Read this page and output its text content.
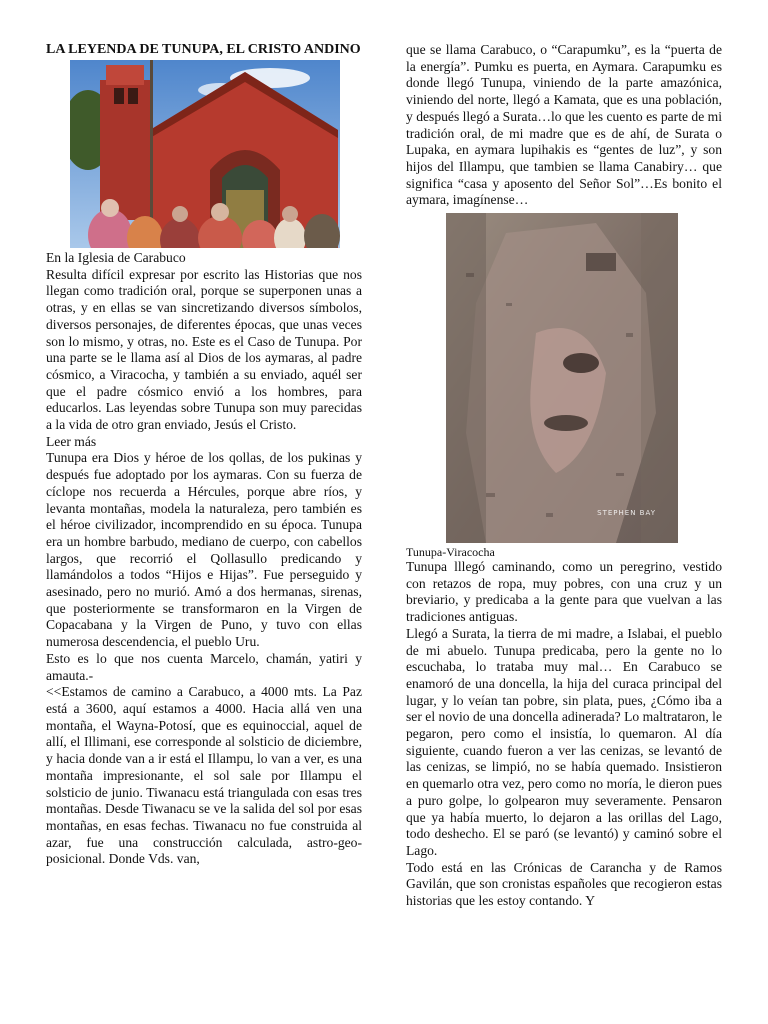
LA LEYENDA DE TUNUPA, EL CRISTO ANDINO

En la Iglesia de Carabuco

Resulta difícil expresar por escrito las Historias que nos llegan como tradición oral, porque se superponen unas a otras, y en ellas se van sincretizando diversos símbolos, diversos personajes, de diferentes épocas, que unas veces son lo mismo, y otras, no. Este es el Caso de Tunupa. Por una parte se le llama así al Dios de los aymaras, al padre cósmico, a Viracocha, y también a su enviado, aquél ser que el padre cósmico envió a los hombres, para educarlos. Las leyendas sobre Tunupa son muy parecidas a la vida de otro gran enviado, Jesús el Cristo.

Leer más

Tunupa era Dios y héroe de los qollas, de los pukinas y después fue adoptado por los aymaras. Con su fuerza de cíclope nos recuerda a Hércules, porque abre ríos, y levanta montañas, modela la naturaleza, pero también es el héroe civilizador, incomprendido en su época. Tunupa era un hombre barbudo, mediano de cuerpo, con cabellos largos, que recorrió el Qollasullo predicando y llamándolos a todos “Hijos e Hijas”. Fue perseguido y asesinado, pero no murió. Amó a dos hermanas, sirenas, que posteriormente se transformaron en la Virgen de Copacabana y la Virgen de Puno, y tuvo con ellas numerosa descendencia, el pueblo Uru.

Esto es lo que nos cuenta Marcelo, chamán, yatiri y amauta.-

<<Estamos de camino a Carabuco, a 4000 mts. La Paz está a 3600, aquí estamos a 4000. Hacia allá ven una montaña, el Wayna-Potosí, que es equinoccial, aquel de allí, el Illimani, ese corresponde al solsticio de diciembre, y hacia donde van a ir está el Illampu, lo van a ver, es una montaña impresionante, el sol sale por Illampu el solsticio de junio. Tiwanacu está triangulada con esas tres montañas. Desde Tiwanacu se ve la salida del sol por esas montañas, en esas fechas. Tiwanacu no fue construida al azar, fue una construcción calculada, astro-geo-posicional. Donde Vds. van,

que se llama Carabuco, o “Carapumku”, es la “puerta de la energía”. Pumku es puerta, en Aymara. Carapumku es donde llegó Tunupa, viniendo de la parte amazónica, viniendo del norte, llegó a Kamata, que es una población, y después llegó a Surata…lo que les cuento es parte de mi tradición oral, de mi madre que es de ahí, de Surata o Lupaka, en aymara lupihakis es “gentes de luz”, y son hijos del Illampu, que tambien se llama Canabiry… que significa “casa y aposento del Señor Sol”…Es bonito el aymara, imagínense…

STEPHEN BAY

Tunupa-Viracocha

Tunupa lllegó caminando, como un peregrino, vestido con retazos de ropa, muy pobres, con una cruz y un breviario, y predicaba a la gente para que vuelvan a las tradiciones antiguas.

Llegó a Surata, la tierra de mi madre, a Islabai, el pueblo de mi abuelo. Tunupa predicaba, pero la gente no lo escuchaba, lo trataba muy mal… En Carabuco se enamoró de una doncella, la hija del curaca principal del lugar, y lo veían tan pobre, sin plata, pues, ¿Cómo iba a ser el novio de una doncella adinerada? Lo maltrataron, le pegaron, pero como el insistía, lo quemaron. Al día siguiente, cuando fueron a ver las cenizas, se levantó de las cenizas, se limpió, no se había quemado. Insistieron en quemarlo otra vez, pero como no moría, le dieron pues a puro golpe, lo golpearon muy severamente. Pensaron que ya había muerto, lo dejaron a las orillas del Lago, todo deshecho. El se paró (se levantó) y caminó sobre el Lago.

Todo está en las Crónicas de Carancha y de Ramos Gavilán, que son cronistas españoles que recogieron estas historias que les estoy contando. Y
